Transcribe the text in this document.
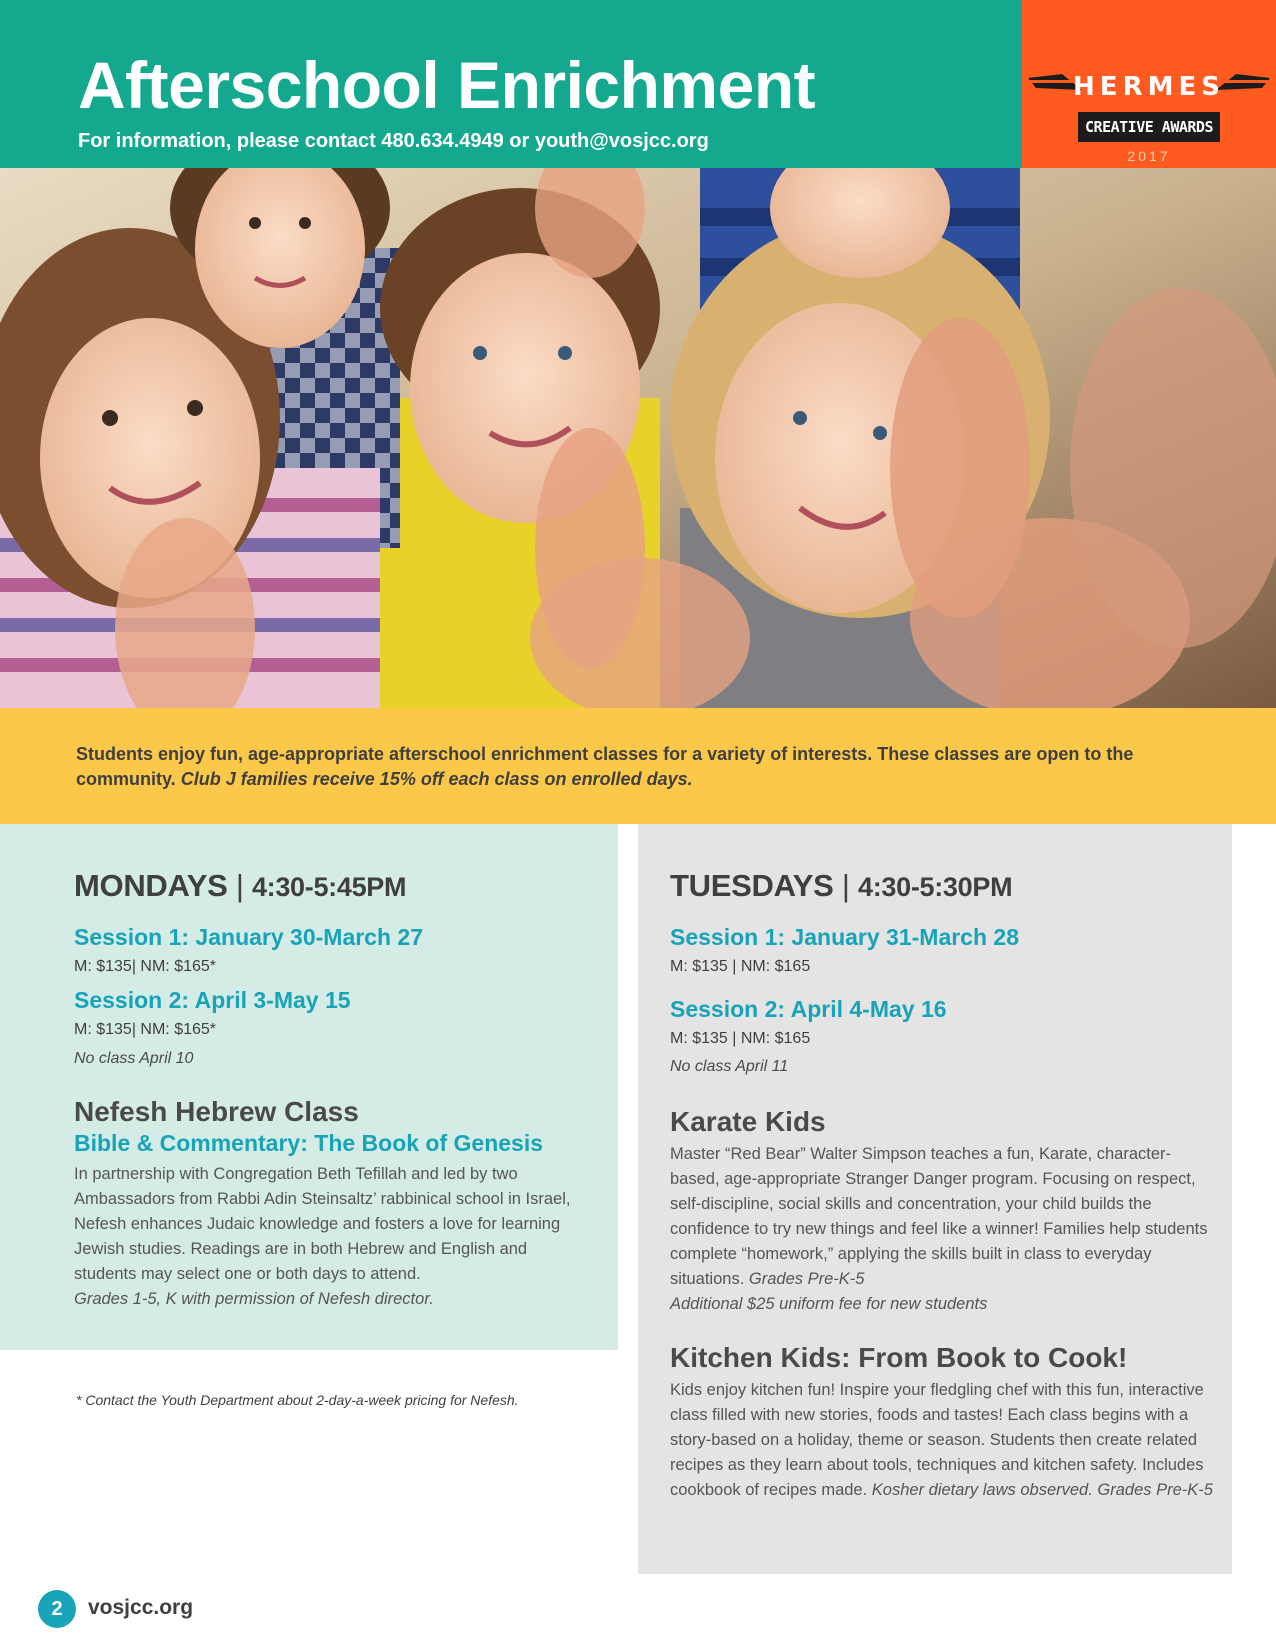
Afterschool Enrichment
For information, please contact 480.634.4949 or youth@vosjcc.org
HERMES
CREATIVE AWARDS
2017

Students enjoy fun, age-appropriate afterschool enrichment classes for a variety of interests. These classes are open to the community. Club J families receive 15% off each class on enrolled days.

MONDAYS | 4:30-5:45PM
Session 1: January 30-March 27
M: $135| NM: $165*
Session 2: April 3-May 15
M: $135| NM: $165*
No class April 10
Nefesh Hebrew Class
Bible & Commentary: The Book of Genesis
In partnership with Congregation Beth Tefillah and led by two Ambassadors from Rabbi Adin Steinsaltz’ rabbinical school in Israel, Nefesh enhances Judaic knowledge and fosters a love for learning Jewish studies. Readings are in both Hebrew and English and students may select one or both days to attend.
Grades 1-5, K with permission of Nefesh director.
* Contact the Youth Department about 2-day-a-week pricing for Nefesh.
TUESDAYS | 4:30-5:30PM
Session 1: January 31-March 28
M: $135 | NM: $165
Session 2: April 4-May 16
M: $135 | NM: $165
No class April 11
Karate Kids
Master “Red Bear” Walter Simpson teaches a fun, Karate, character-based, age-appropriate Stranger Danger program. Focusing on respect, self-discipline, social skills and concentration, your child builds the confidence to try new things and feel like a winner! Families help students complete “homework,” applying the skills built in class to everyday situations. Grades Pre-K-5
Additional $25 uniform fee for new students
Kitchen Kids: From Book to Cook!
Kids enjoy kitchen fun! Inspire your fledgling chef with this fun, interactive class filled with new stories, foods and tastes! Each class begins with a story-based on a holiday, theme or season. Students then create related recipes as they learn about tools, techniques and kitchen safety. Includes cookbook of recipes made. Kosher dietary laws observed. Grades Pre-K-5
2	vosjcc.org
